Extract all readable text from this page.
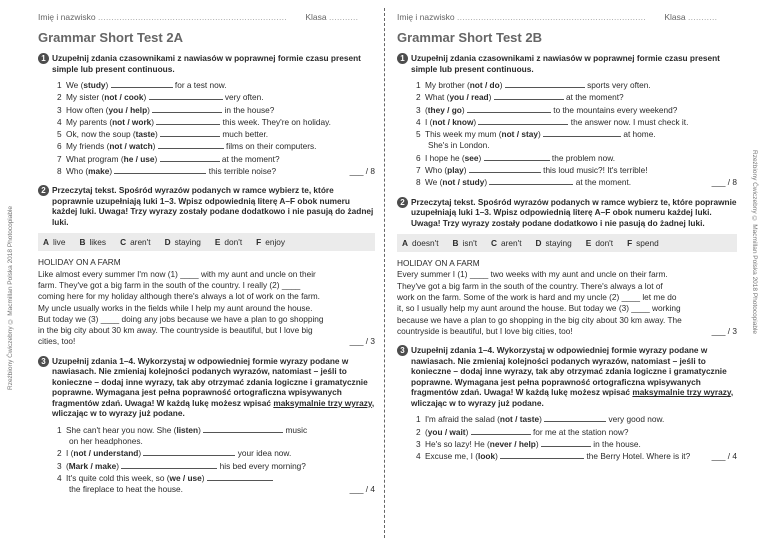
Rzeźbiony Ćwiczebny © Macmillan Polska 2018 Photocopiable
Imię i nazwisko ....................................................................... Klasa ...........
Grammar Short Test 2A
1 Uzupełnij zdania czasownikami z nawiasów w poprawnej formie czasu present simple lub present continuous.
1 We (study)	for a test now.
2 My sister (not / cook)	very often.
3 How often (you / help)	in the house?
4 My parents (not / work)	this week. They're on holiday.
5 Ok, now the soup (taste)	much better.
6 My friends (not / watch)	films on their computers.
7 What program (he / use)	at the moment?
8 Who (make)	this terrible noise?	___ / 8
2 Przeczytaj tekst. Spośród wyrazów podanych w ramce wybierz te, które poprawnie uzupełniają luki 1–3. Wpisz odpowiednią literę A–F obok numeru każdej luki. Uwaga! Trzy wyrazy zostały podane dodatkowo i nie pasują do żadnej luki.
A live B likes C aren't D staying E don't F enjoy
HOLIDAY ON A FARM
Like almost every summer I'm now (1) ____ with my aunt and uncle on their
farm. They've got a big farm in the south of the country. I really (2) ____
coming here for my holiday although there's always a lot of work on the farm.
My uncle usually works in the fields while I help my aunt around the house.
But today we (3) ____ doing any jobs because we have a plan to go shopping
in the big city about 30 km away. The countryside is beautiful, but I love big
cities, too!	___ / 3
3 Uzupełnij zdania 1–4. Wykorzystaj w odpowiedniej formie wyrazy podane w nawiasach. Nie zmieniaj kolejności podanych wyrazów, natomiast – jeśli to konieczne – dodaj inne wyrazy, tak aby otrzymać zdania logiczne i gramatycznie poprawne. Wymagana jest pełna poprawność ortograficzna wpisywanych fragmentów zdań. Uwaga! W każdą lukę możesz wpisać maksymalnie trzy wyrazy, wliczając w to wyrazy już podane.
1 She can't hear you now. She (listen)	music
on her headphones.
2 I (not / understand)	your idea now.
3 (Mark / make)	his bed every morning?
4 It's quite cold this week, so (we / use)
the fireplace to heat the house.	___ / 4
Rzeźbiony Ćwiczebny © Macmillan Polska 2018 Photocopiable
Imię i nazwisko ....................................................................... Klasa ...........
Grammar Short Test 2B
1 Uzupełnij zdania czasownikami z nawiasów w poprawnej formie czasu present simple lub present continuous.
1 My brother (not / do)	sports very often.
2 What (you / read)	at the moment?
3 (they / go)	to the mountains every weekend?
4 I (not / know)	the answer now. I must check it.
5 This week my mum (not / stay)	at home.
She's in London.
6 I hope he (see)	the problem now.
7 Who (play)	this loud music?! It's terrible!
8 We (not / study)	at the moment.	___ / 8
2 Przeczytaj tekst. Spośród wyrazów podanych w ramce wybierz te, które poprawnie uzupełniają luki 1–3. Wpisz odpowiednią literę A–F obok numeru każdej luki. Uwaga! Trzy wyrazy zostały podane dodatkowo i nie pasują do żadnej luki.
A doesn't B isn't C aren't D staying E don't F spend
HOLIDAY ON A FARM
Every summer I (1) ____ two weeks with my aunt and uncle on their farm.
They've got a big farm in the south of the country. There's always a lot of
work on the farm. Some of the work is hard and my uncle (2) ____ let me do
it, so I usually help my aunt around the house. But today we (3) ____ working
because we have a plan to go shopping in the big city about 30 km away. The
countryside is beautiful, but I love big cities, too!	___ / 3
3 Uzupełnij zdania 1–4. Wykorzystaj w odpowiedniej formie wyrazy podane w nawiasach. Nie zmieniaj kolejności podanych wyrazów, natomiast – jeśli to konieczne – dodaj inne wyrazy, tak aby otrzymać zdania logiczne i gramatycznie poprawne. Wymagana jest pełna poprawność ortograficzna wpisywanych fragmentów zdań. Uwaga! W każdą lukę możesz wpisać maksymalnie trzy wyrazy, wliczając w to wyrazy już podane.
1 I'm afraid the salad (not / taste)	very good now.
2 (you / wait)	for me at the station now?
3 He's so lazy! He (never / help)	in the house.
4 Excuse me, I (look)	the Berry Hotel. Where is it?	___ / 4
